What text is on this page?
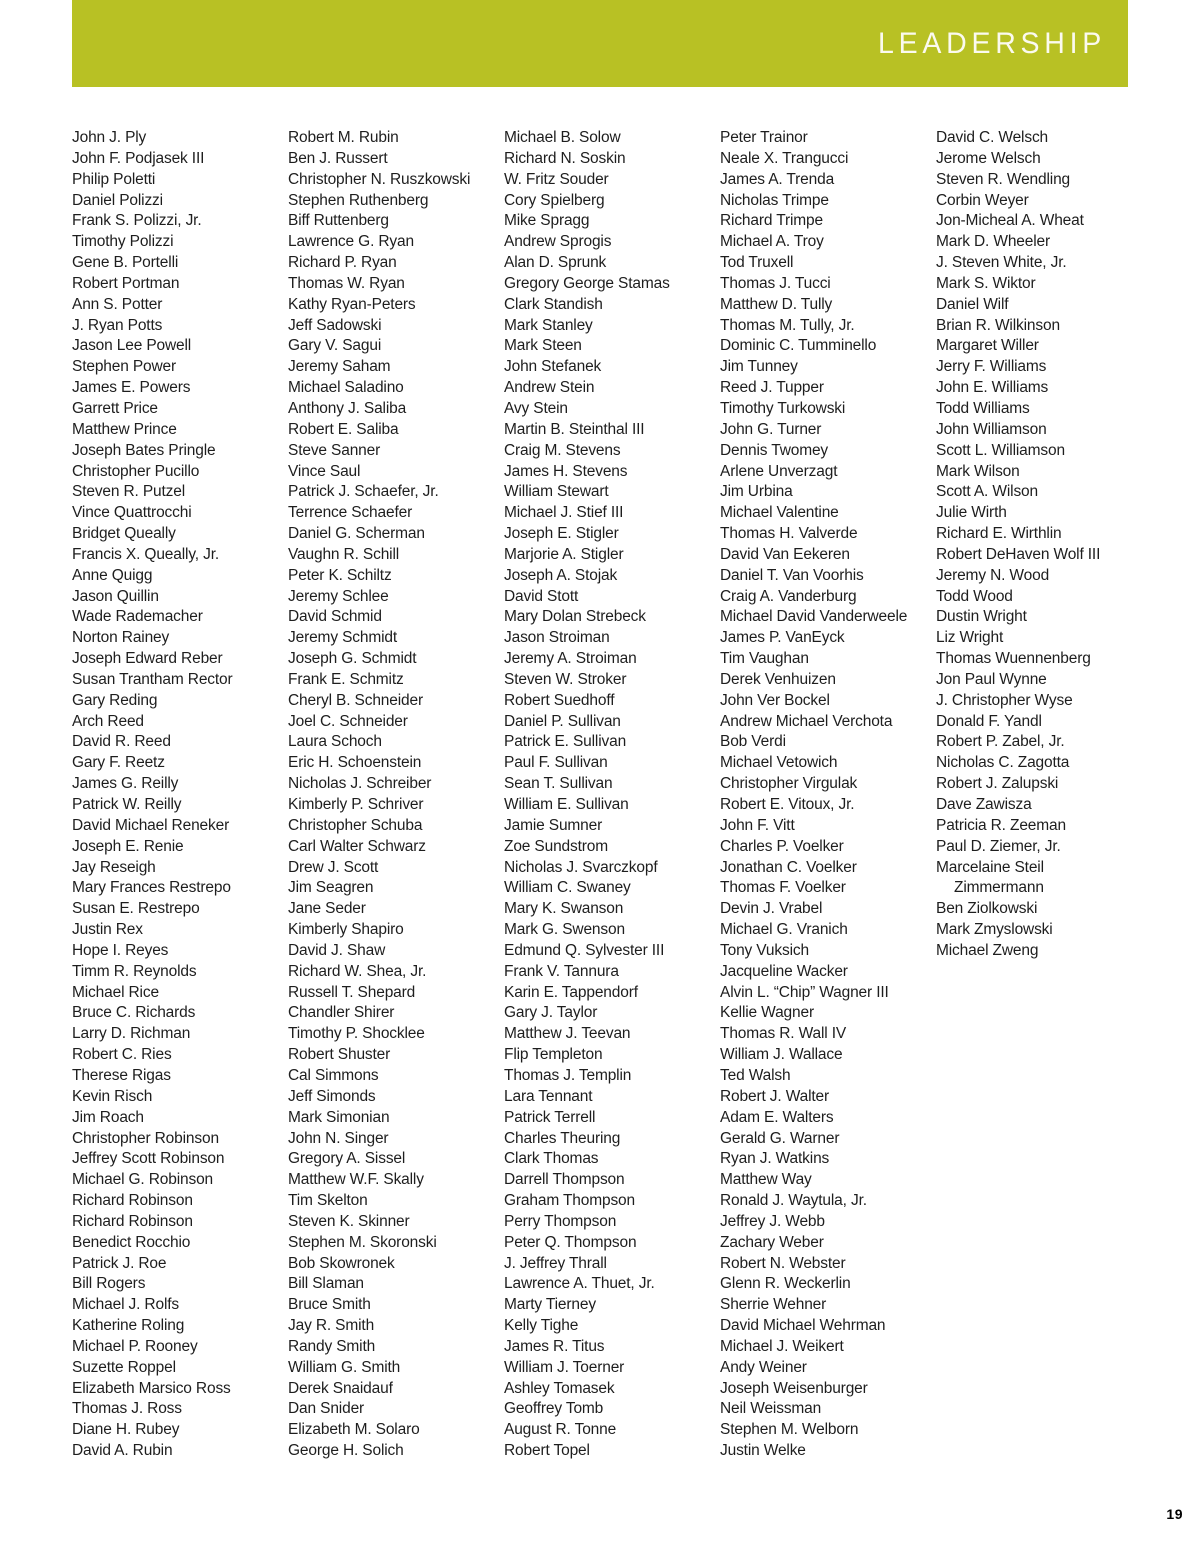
LEADERSHIP
John J. Ply
John F. Podjasek III
Philip Poletti
Daniel Polizzi
Frank S. Polizzi, Jr.
Timothy Polizzi
Gene B. Portelli
Robert Portman
Ann S. Potter
J. Ryan Potts
Jason Lee Powell
Stephen Power
James E. Powers
Garrett Price
Matthew Prince
Joseph Bates Pringle
Christopher Pucillo
Steven R. Putzel
Vince Quattrocchi
Bridget Queally
Francis X. Queally, Jr.
Anne Quigg
Jason Quillin
Wade Rademacher
Norton Rainey
Joseph Edward Reber
Susan Trantham Rector
Gary Reding
Arch Reed
David R. Reed
Gary F. Reetz
James G. Reilly
Patrick W. Reilly
David Michael Reneker
Joseph E. Renie
Jay Reseigh
Mary Frances Restrepo
Susan E. Restrepo
Justin Rex
Hope I. Reyes
Timm R. Reynolds
Michael Rice
Bruce C. Richards
Larry D. Richman
Robert C. Ries
Therese Rigas
Kevin Risch
Jim Roach
Christopher Robinson
Jeffrey Scott Robinson
Michael G. Robinson
Richard Robinson
Richard Robinson
Benedict Rocchio
Patrick J. Roe
Bill Rogers
Michael J. Rolfs
Katherine Roling
Michael P. Rooney
Suzette Roppel
Elizabeth Marsico Ross
Thomas J. Ross
Diane H. Rubey
David A. Rubin
Robert M. Rubin
Ben J. Russert
Christopher N. Ruszkowski
Stephen Ruthenberg
Biff Ruttenberg
Lawrence G. Ryan
Richard P. Ryan
Thomas W. Ryan
Kathy Ryan-Peters
Jeff Sadowski
Gary V. Sagui
Jeremy Saham
Michael Saladino
Anthony J. Saliba
Robert E. Saliba
Steve Sanner
Vince Saul
Patrick J. Schaefer, Jr.
Terrence Schaefer
Daniel G. Scherman
Vaughn R. Schill
Peter K. Schiltz
Jeremy Schlee
David Schmid
Jeremy Schmidt
Joseph G. Schmidt
Frank E. Schmitz
Cheryl B. Schneider
Joel C. Schneider
Laura Schoch
Eric H. Schoenstein
Nicholas J. Schreiber
Kimberly P. Schriver
Christopher Schuba
Carl Walter Schwarz
Drew J. Scott
Jim Seagren
Jane Seder
Kimberly Shapiro
David J. Shaw
Richard W. Shea, Jr.
Russell T. Shepard
Chandler Shirer
Timothy P. Shocklee
Robert Shuster
Cal Simmons
Jeff Simonds
Mark Simonian
John N. Singer
Gregory A. Sissel
Matthew W.F. Skally
Tim Skelton
Steven K. Skinner
Stephen M. Skoronski
Bob Skowronek
Bill Slaman
Bruce Smith
Jay R. Smith
Randy Smith
William G. Smith
Derek Snaidauf
Dan Snider
Elizabeth M. Solaro
George H. Solich
Michael B. Solow
Richard N. Soskin
W. Fritz Souder
Cory Spielberg
Mike Spragg
Andrew Sprogis
Alan D. Sprunk
Gregory George Stamas
Clark Standish
Mark Stanley
Mark Steen
John Stefanek
Andrew Stein
Avy Stein
Martin B. Steinthal III
Craig M. Stevens
James H. Stevens
William Stewart
Michael J. Stief III
Joseph E. Stigler
Marjorie A. Stigler
Joseph A. Stojak
David Stott
Mary Dolan Strebeck
Jason Stroiman
Jeremy A. Stroiman
Steven W. Stroker
Robert Suedhoff
Daniel P. Sullivan
Patrick E. Sullivan
Paul F. Sullivan
Sean T. Sullivan
William E. Sullivan
Jamie Sumner
Zoe Sundstrom
Nicholas J. Svarczkopf
William C. Swaney
Mary K. Swanson
Mark G. Swenson
Edmund Q. Sylvester III
Frank V. Tannura
Karin E. Tappendorf
Gary J. Taylor
Matthew J. Teevan
Flip Templeton
Thomas J. Templin
Lara Tennant
Patrick Terrell
Charles Theuring
Clark Thomas
Darrell Thompson
Graham Thompson
Perry Thompson
Peter Q. Thompson
J. Jeffrey Thrall
Lawrence A. Thuet, Jr.
Marty Tierney
Kelly Tighe
James R. Titus
William J. Toerner
Ashley Tomasek
Geoffrey Tomb
August R. Tonne
Robert Topel
Peter Trainor
Neale X. Trangucci
James A. Trenda
Nicholas Trimpe
Richard Trimpe
Michael A. Troy
Tod Truxell
Thomas J. Tucci
Matthew D. Tully
Thomas M. Tully, Jr.
Dominic C. Tumminello
Jim Tunney
Reed J. Tupper
Timothy Turkowski
John G. Turner
Dennis Twomey
Arlene Unverzagt
Jim Urbina
Michael Valentine
Thomas H. Valverde
David Van Eekeren
Daniel T. Van Voorhis
Craig A. Vanderburg
Michael David Vanderweele
James P. VanEyck
Tim Vaughan
Derek Venhuizen
John Ver Bockel
Andrew Michael Verchota
Bob Verdi
Michael Vetowich
Christopher Virgulak
Robert E. Vitoux, Jr.
John F. Vitt
Charles P. Voelker
Jonathan C. Voelker
Thomas F. Voelker
Devin J. Vrabel
Michael G. Vranich
Tony Vuksich
Jacqueline Wacker
Alvin L. “Chip” Wagner III
Kellie Wagner
Thomas R. Wall IV
William J. Wallace
Ted Walsh
Robert J. Walter
Adam E. Walters
Gerald G. Warner
Ryan J. Watkins
Matthew Way
Ronald J. Waytula, Jr.
Jeffrey J. Webb
Zachary Weber
Robert N. Webster
Glenn R. Weckerlin
Sherrie Wehner
David Michael Wehrman
Michael J. Weikert
Andy Weiner
Joseph Weisenburger
Neil Weissman
Stephen M. Welborn
Justin Welke
David C. Welsch
Jerome Welsch
Steven R. Wendling
Corbin Weyer
Jon-Micheal A. Wheat
Mark D. Wheeler
J. Steven White, Jr.
Mark S. Wiktor
Daniel Wilf
Brian R. Wilkinson
Margaret Willer
Jerry F. Williams
John E. Williams
Todd Williams
John Williamson
Scott L. Williamson
Mark Wilson
Scott A. Wilson
Julie Wirth
Richard E. Wirthlin
Robert DeHaven Wolf III
Jeremy N. Wood
Todd Wood
Dustin Wright
Liz Wright
Thomas Wuennenberg
Jon Paul Wynne
J. Christopher Wyse
Donald F. Yandl
Robert P. Zabel, Jr.
Nicholas C. Zagotta
Robert J. Zalupski
Dave Zawisza
Patricia R. Zeeman
Paul D. Ziemer, Jr.
Marcelaine Steil
Zimmermann
Ben Ziolkowski
Mark Zmyslowski
Michael Zweng
19
